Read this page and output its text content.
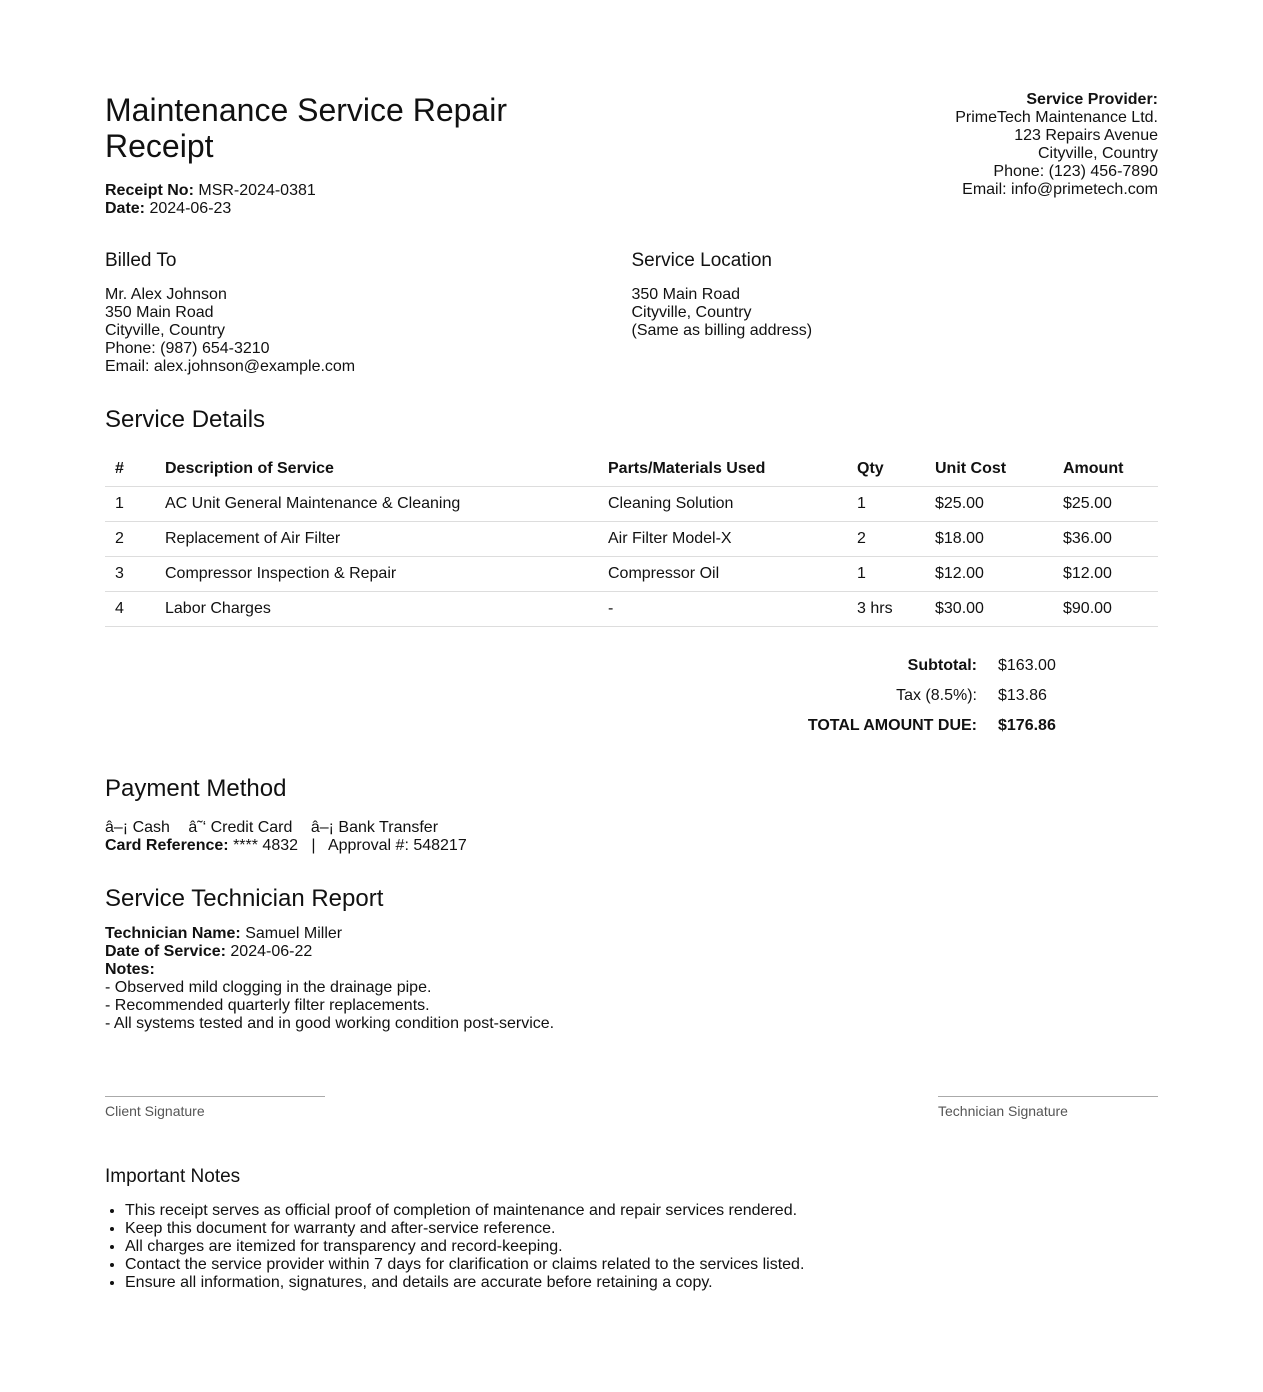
Maintenance Service Repair Receipt
Receipt No: MSR-2024-0381
Date: 2024-06-23
Service Provider:
PrimeTech Maintenance Ltd.
123 Repairs Avenue
Cityville, Country
Phone: (123) 456-7890
Email: info@primetech.com
Billed To
Mr. Alex Johnson
350 Main Road
Cityville, Country
Phone: (987) 654-3210
Email: alex.johnson@example.com
Service Location
350 Main Road
Cityville, Country
(Same as billing address)
Service Details
#	Description of Service	Parts/Materials Used	Qty	Unit Cost	Amount
1	AC Unit General Maintenance & Cleaning	Cleaning Solution	1	$25.00	$25.00
2	Replacement of Air Filter	Air Filter Model-X	2	$18.00	$36.00
3	Compressor Inspection & Repair	Compressor Oil	1	$12.00	$12.00
4	Labor Charges	-	3 hrs	$30.00	$90.00
Subtotal:	$163.00
Tax (8.5%):	$13.86
TOTAL AMOUNT DUE:	$176.86
Payment Method
â–¡ Cash â˜‘ Credit Card â–¡ Bank Transfer
Card Reference: **** 4832   |   Approval #: 548217
Service Technician Report
Technician Name: Samuel Miller
Date of Service: 2024-06-22
Notes:
- Observed mild clogging in the drainage pipe.
- Recommended quarterly filter replacements.
- All systems tested and in good working condition post-service.
Client Signature	Technician Signature
Important Notes
• This receipt serves as official proof of completion of maintenance and repair services rendered.
• Keep this document for warranty and after-service reference.
• All charges are itemized for transparency and record-keeping.
• Contact the service provider within 7 days for clarification or claims related to the services listed.
• Ensure all information, signatures, and details are accurate before retaining a copy.
